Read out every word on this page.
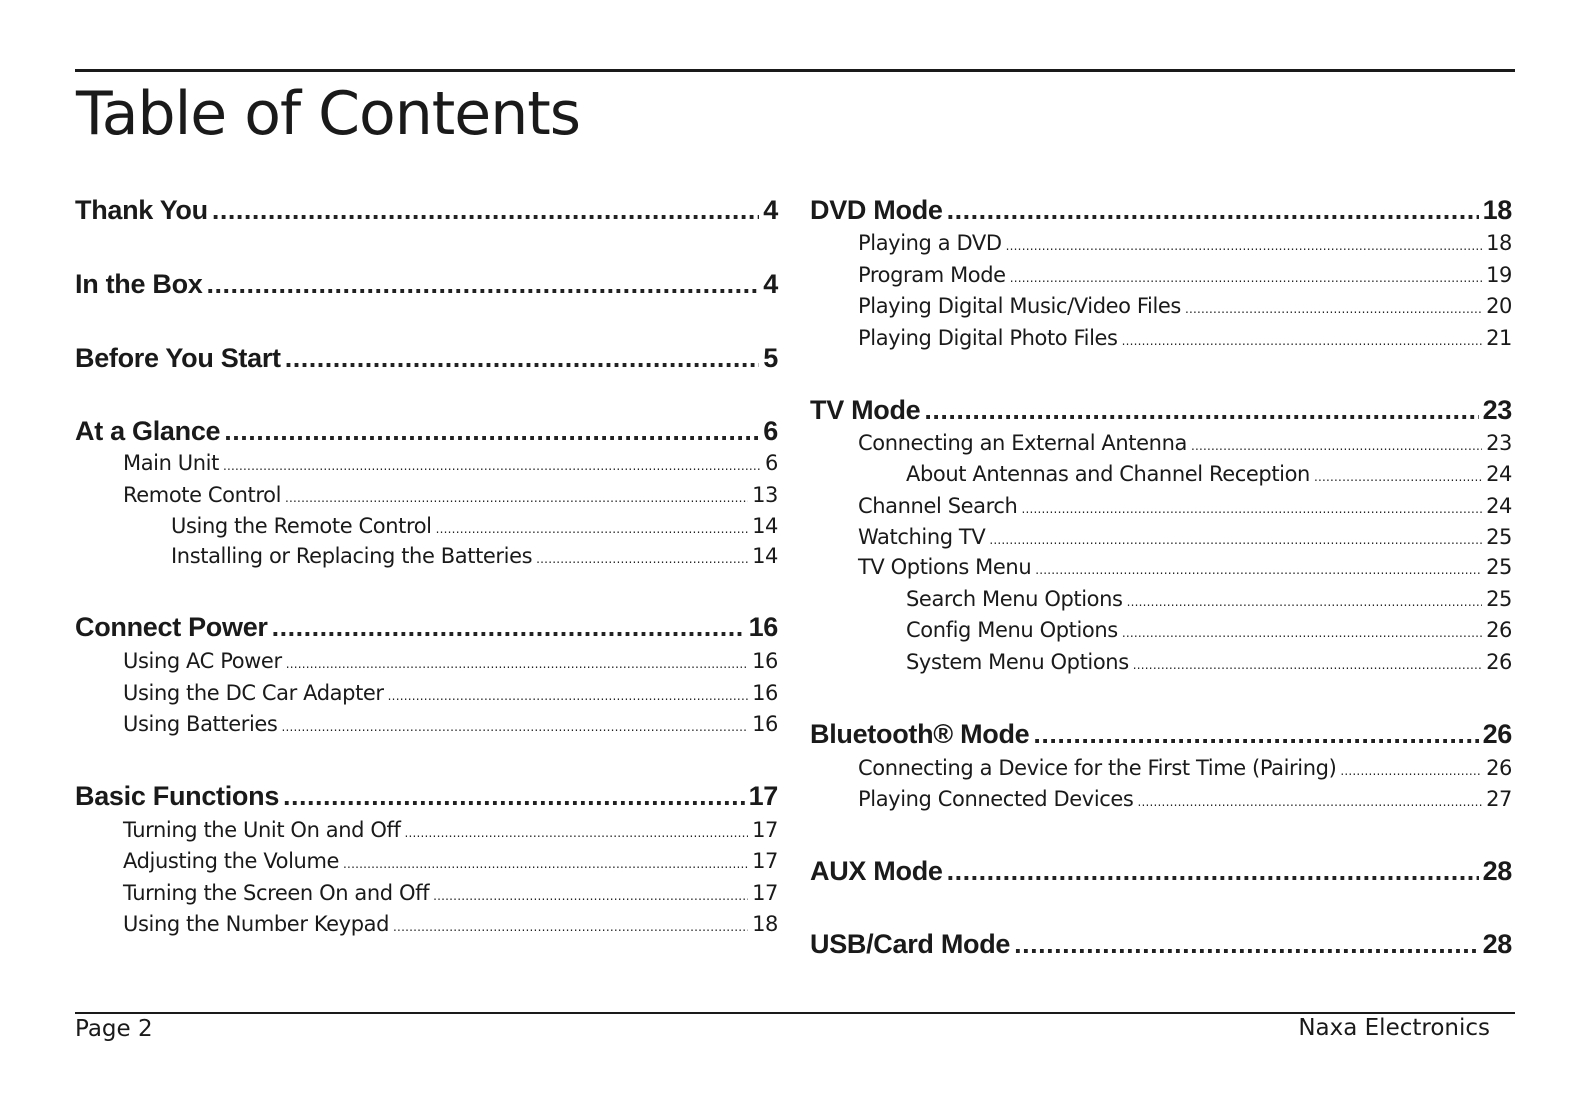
Table of Contents
Thank You .....	4
In the Box .....	4
Before You Start .....	5
At a Glance .....	6
Main Unit .....	6
Remote Control .....	13
Using the Remote Control .....	14
Installing or Replacing the Batteries .....	14
Connect Power .....	16
Using AC Power .....	16
Using the DC Car Adapter .....	16
Using Batteries .....	16
Basic Functions .....	17
Turning the Unit On and Off .....	17
Adjusting the Volume .....	17
Turning the Screen On and Off .....	17
Using the Number Keypad .....	18
DVD Mode .....	18
Playing a DVD .....	18
Program Mode .....	19
Playing Digital Music/Video Files .....	20
Playing Digital Photo Files .....	21
TV Mode .....	23
Connecting an External Antenna .....	23
About Antennas and Channel Reception .....	24
Channel Search .....	24
Watching TV .....	25
TV Options Menu .....	25
Search Menu Options .....	25
Config Menu Options .....	26
System Menu Options .....	26
Bluetooth® Mode .....	26
Connecting a Device for the First Time (Pairing) .....	26
Playing Connected Devices .....	27
AUX Mode .....	28
USB/Card Mode .....	28
Page 2	Naxa Electronics
